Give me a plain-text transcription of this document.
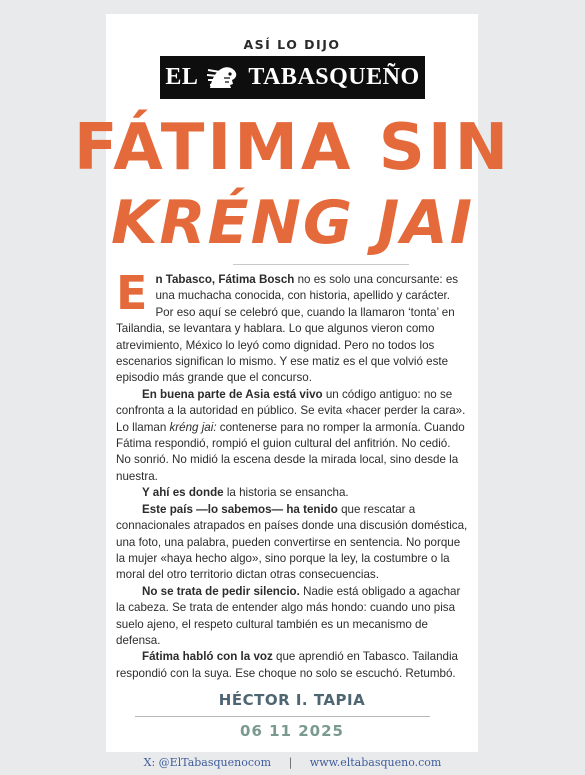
ASÍ LO DIJO
EL TABASQUEÑO
FÁTIMA SIN
KRÉNG JAI

En Tabasco, Fátima Bosch no es solo una concursante: es una muchacha conocida, con historia, apellido y carácter. Por eso aquí se celebró que, cuando la llamaron ‘tonta’ en Tailandia, se levantara y hablara. Lo que algunos vieron como atrevimiento, México lo leyó como dignidad. Pero no todos los escenarios significan lo mismo. Y ese matiz es el que volvió este episodio más grande que el concurso.

En buena parte de Asia está vivo un código antiguo: no se confronta a la autoridad en público. Se evita «hacer perder la cara». Lo llaman kréng jai: contenerse para no romper la armonía. Cuando Fátima respondió, rompió el guion cultural del anfitrión. No cedió. No sonrió. No midió la escena desde la mirada local, sino desde la nuestra.

Y ahí es donde la historia se ensancha.

Este país —lo sabemos— ha tenido que rescatar a connacionales atrapados en países donde una discusión doméstica, una foto, una palabra, pueden convertirse en sentencia. No porque la mujer «haya hecho algo», sino porque la ley, la costumbre o la moral del otro territorio dictan otras consecuencias.

No se trata de pedir silencio. Nadie está obligado a agachar la cabeza. Se trata de entender algo más hondo: cuando uno pisa suelo ajeno, el respeto cultural también es un mecanismo de defensa.

Fátima habló con la voz que aprendió en Tabasco. Tailandia respondió con la suya. Ese choque no solo se escuchó. Retumbó.

HÉCTOR I. TAPIA
06 11 2025
X: @ElTabasquenocom | www.eltabasqueno.com
